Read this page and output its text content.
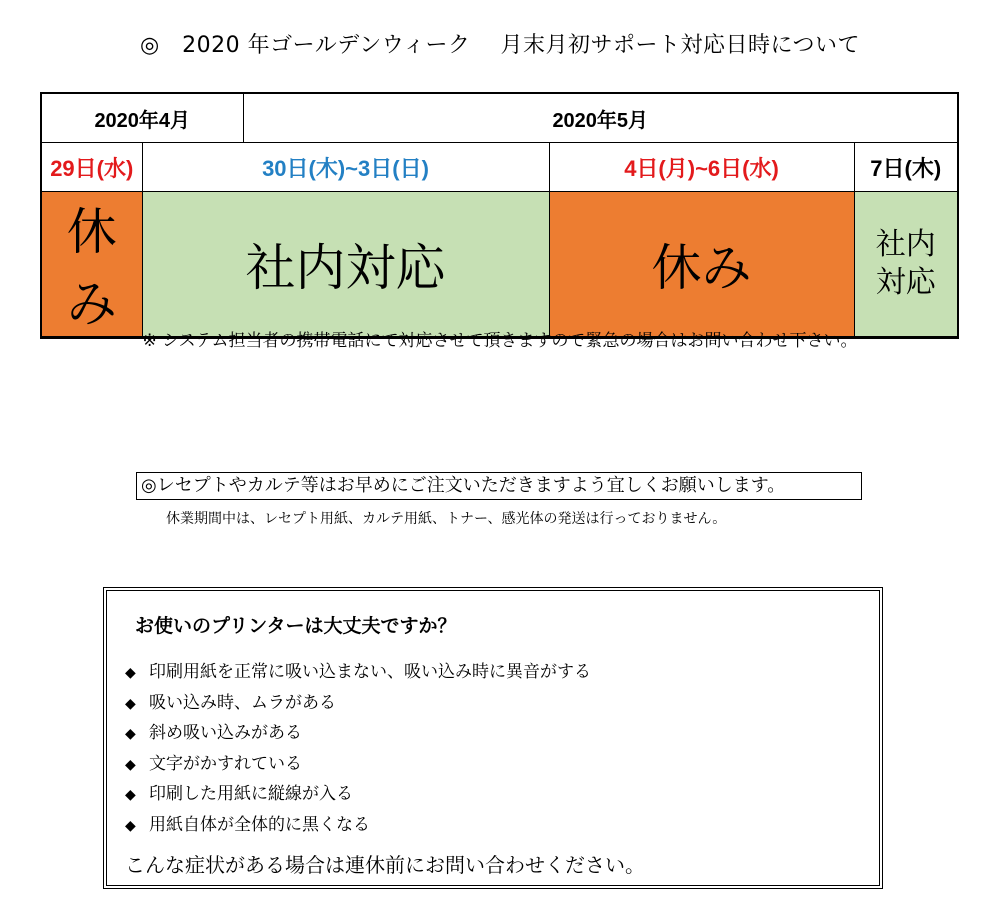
◎　2020 年ゴールデンウィーク　 月末月初サポート対応日時について
2020年4月		2020年5月		
29日(水)	30日(木)~3日(日)		4日(月)~6日(水)	7日(木)
休み	社内対応		休み	社内
対応
※ システム担当者の携帯電話にて対応させて頂きますので緊急の場合はお問い合わせ下さい。
◎レセプトやカルテ等はお早めにご注文いただきますよう宜しくお願いします。
休業期間中は、レセプト用紙、カルテ用紙、トナー、感光体の発送は行っておりません。
お使いのプリンターは大丈夫ですか？
◆ 印刷用紙を正常に吸い込まない、吸い込み時に異音がする
◆ 吸い込み時、ムラがある
◆ 斜め吸い込みがある
◆ 文字がかすれている
◆ 印刷した用紙に縦線が入る
◆ 用紙自体が全体的に黒くなる
こんな症状がある場合は連休前にお問い合わせください。
